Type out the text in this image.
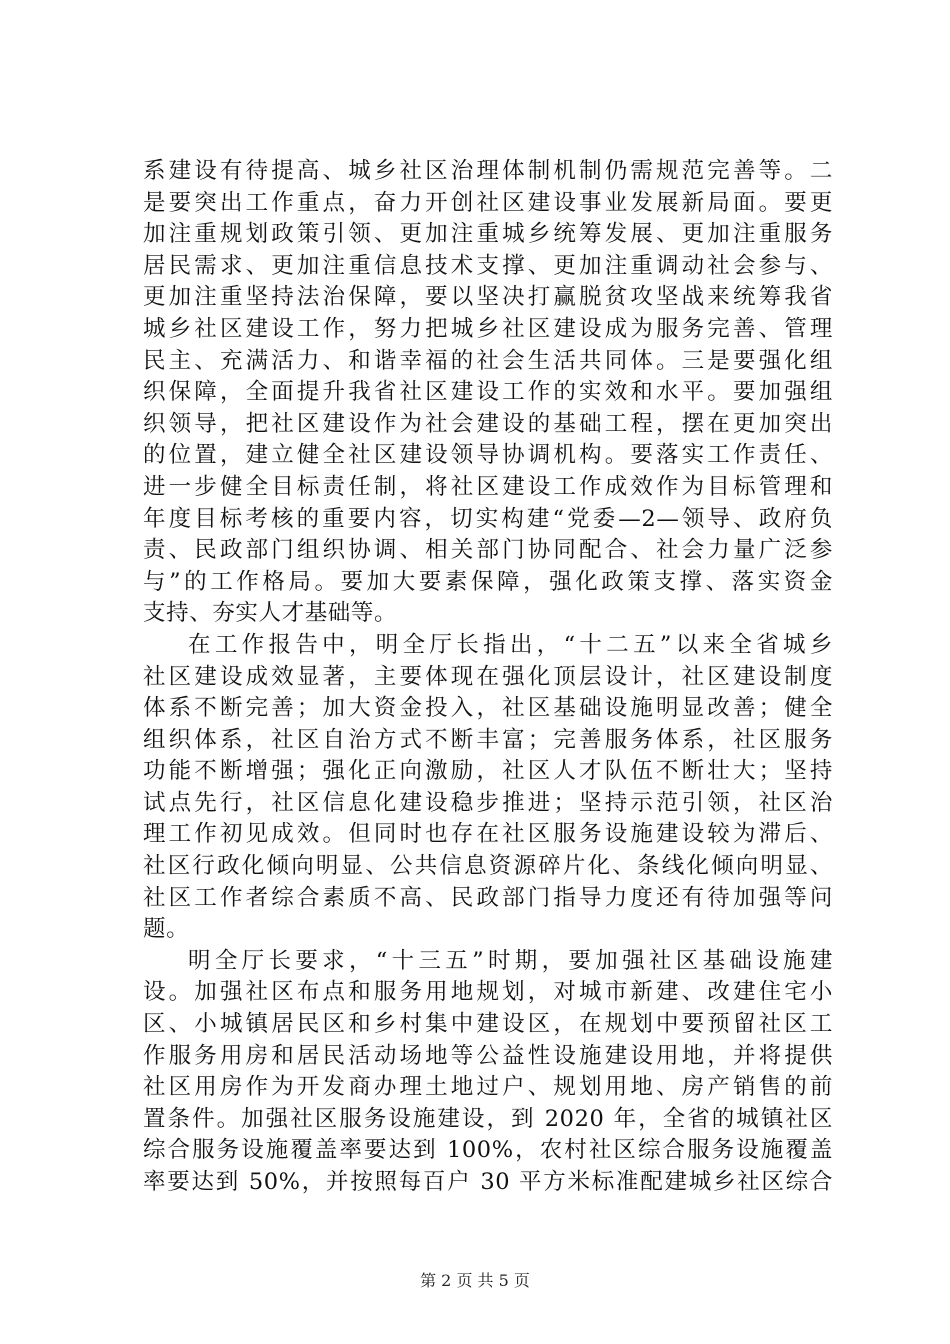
系建设有待提高、城乡社区治理体制机制仍需规范完善等。二
是要突出工作重点，奋力开创社区建设事业发展新局面。要更
加注重规划政策引领、更加注重城乡统筹发展、更加注重服务
居民需求、更加注重信息技术支撑、更加注重调动社会参与、
更加注重坚持法治保障，要以坚决打赢脱贫攻坚战来统筹我省
城乡社区建设工作，努力把城乡社区建设成为服务完善、管理
民主、充满活力、和谐幸福的社会生活共同体。三是要强化组
织保障，全面提升我省社区建设工作的实效和水平。要加强组
织领导，把社区建设作为社会建设的基础工程，摆在更加突出
的位置，建立健全社区建设领导协调机构。要落实工作责任、
进一步健全目标责任制，将社区建设工作成效作为目标管理和
年度目标考核的重要内容，切实构建“党委—2—领导、政府负
责、民政部门组织协调、相关部门协同配合、社会力量广泛参
与”的工作格局。要加大要素保障，强化政策支撑、落实资金
支持、夯实人才基础等。
在工作报告中，明全厅长指出，“十二五”以来全省城乡
社区建设成效显著，主要体现在强化顶层设计，社区建设制度
体系不断完善；加大资金投入，社区基础设施明显改善；健全
组织体系，社区自治方式不断丰富；完善服务体系，社区服务
功能不断增强；强化正向激励，社区人才队伍不断壮大；坚持
试点先行，社区信息化建设稳步推进；坚持示范引领，社区治
理工作初见成效。但同时也存在社区服务设施建设较为滞后、
社区行政化倾向明显、公共信息资源碎片化、条线化倾向明显、
社区工作者综合素质不高、民政部门指导力度还有待加强等问
题。
明全厅长要求，“十三五”时期，要加强社区基础设施建
设。加强社区布点和服务用地规划，对城市新建、改建住宅小
区、小城镇居民区和乡村集中建设区，在规划中要预留社区工
作服务用房和居民活动场地等公益性设施建设用地，并将提供
社区用房作为开发商办理土地过户、规划用地、房产销售的前
置条件。加强社区服务设施建设，到 2020 年，全省的城镇社区
综合服务设施覆盖率要达到 100%，农村社区综合服务设施覆盖
率要达到 50%，并按照每百户 30 平方米标准配建城乡社区综合
第 2 页 共 5 页
